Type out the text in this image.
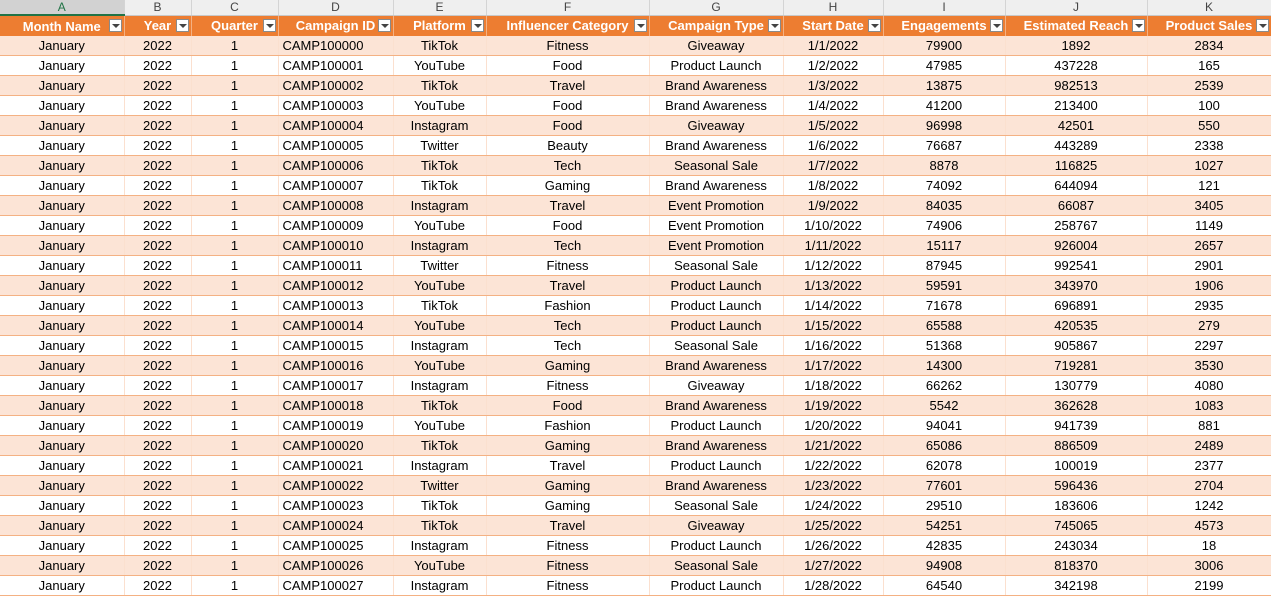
A	B	C	D	E	F	G	H	I	J	K
Month Name	Year	Quarter	Campaign ID	Platform	Influencer Category	Campaign Type	Start Date	Engagements	Estimated Reach	Product Sales

January	2022	1	CAMP100000	TikTok	Fitness	Giveaway	1/1/2022	79900	1892	2834
January	2022	1	CAMP100001	YouTube	Food	Product Launch	1/2/2022	47985	437228	165
January	2022	1	CAMP100002	TikTok	Travel	Brand Awareness	1/3/2022	13875	982513	2539
January	2022	1	CAMP100003	YouTube	Food	Brand Awareness	1/4/2022	41200	213400	100
January	2022	1	CAMP100004	Instagram	Food	Giveaway	1/5/2022	96998	42501	550
January	2022	1	CAMP100005	Twitter	Beauty	Brand Awareness	1/6/2022	76687	443289	2338
January	2022	1	CAMP100006	TikTok	Tech	Seasonal Sale	1/7/2022	8878	116825	1027
January	2022	1	CAMP100007	TikTok	Gaming	Brand Awareness	1/8/2022	74092	644094	121
January	2022	1	CAMP100008	Instagram	Travel	Event Promotion	1/9/2022	84035	66087	3405
January	2022	1	CAMP100009	YouTube	Food	Event Promotion	1/10/2022	74906	258767	1149
January	2022	1	CAMP100010	Instagram	Tech	Event Promotion	1/11/2022	15117	926004	2657
January	2022	1	CAMP100011	Twitter	Fitness	Seasonal Sale	1/12/2022	87945	992541	2901
January	2022	1	CAMP100012	YouTube	Travel	Product Launch	1/13/2022	59591	343970	1906
January	2022	1	CAMP100013	TikTok	Fashion	Product Launch	1/14/2022	71678	696891	2935
January	2022	1	CAMP100014	YouTube	Tech	Product Launch	1/15/2022	65588	420535	279
January	2022	1	CAMP100015	Instagram	Tech	Seasonal Sale	1/16/2022	51368	905867	2297
January	2022	1	CAMP100016	YouTube	Gaming	Brand Awareness	1/17/2022	14300	719281	3530
January	2022	1	CAMP100017	Instagram	Fitness	Giveaway	1/18/2022	66262	130779	4080
January	2022	1	CAMP100018	TikTok	Food	Brand Awareness	1/19/2022	5542	362628	1083
January	2022	1	CAMP100019	YouTube	Fashion	Product Launch	1/20/2022	94041	941739	881
January	2022	1	CAMP100020	TikTok	Gaming	Brand Awareness	1/21/2022	65086	886509	2489
January	2022	1	CAMP100021	Instagram	Travel	Product Launch	1/22/2022	62078	100019	2377
January	2022	1	CAMP100022	Twitter	Gaming	Brand Awareness	1/23/2022	77601	596436	2704
January	2022	1	CAMP100023	TikTok	Gaming	Seasonal Sale	1/24/2022	29510	183606	1242
January	2022	1	CAMP100024	TikTok	Travel	Giveaway	1/25/2022	54251	745065	4573
January	2022	1	CAMP100025	Instagram	Fitness	Product Launch	1/26/2022	42835	243034	18
January	2022	1	CAMP100026	YouTube	Fitness	Seasonal Sale	1/27/2022	94908	818370	3006
January	2022	1	CAMP100027	Instagram	Fitness	Product Launch	1/28/2022	64540	342198	2199
